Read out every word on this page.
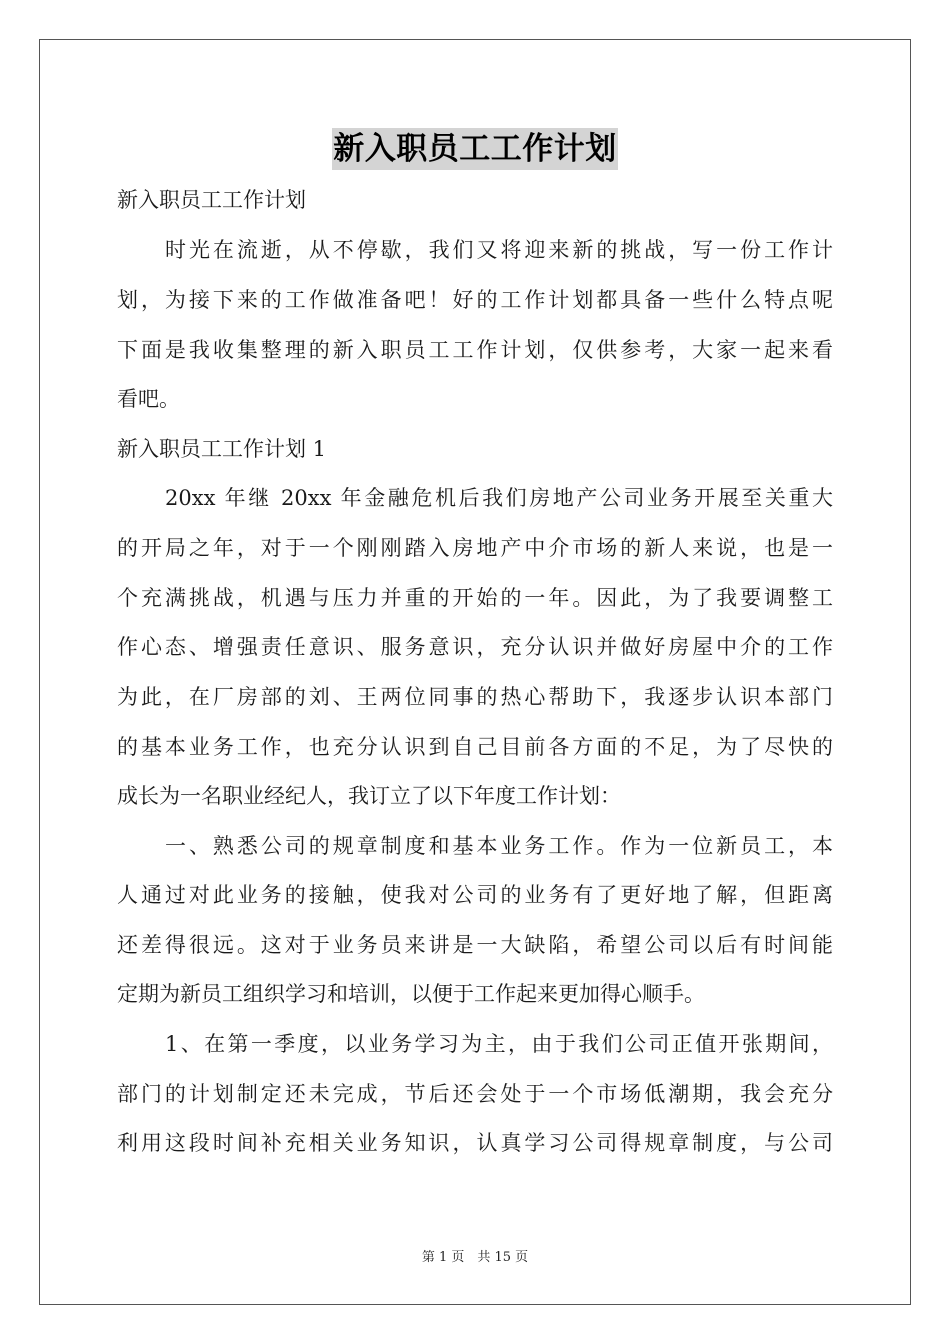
新入职员工工作计划
新入职员工工作计划
时光在流逝，从不停歇，我们又将迎来新的挑战，写一份工作计
划，为接下来的工作做准备吧！好的工作计划都具备一些什么特点呢
下面是我收集整理的新入职员工工作计划，仅供参考，大家一起来看
看吧。
新入职员工工作计划 1
20xx 年继 20xx 年金融危机后我们房地产公司业务开展至关重大
的开局之年，对于一个刚刚踏入房地产中介市场的新人来说，也是一
个充满挑战，机遇与压力并重的开始的一年。因此，为了我要调整工
作心态、增强责任意识、服务意识，充分认识并做好房屋中介的工作
为此，在厂房部的刘、王两位同事的热心帮助下，我逐步认识本部门
的基本业务工作，也充分认识到自己目前各方面的不足，为了尽快的
成长为一名职业经纪人，我订立了以下年度工作计划：
一、熟悉公司的规章制度和基本业务工作。作为一位新员工，本
人通过对此业务的接触，使我对公司的业务有了更好地了解，但距离
还差得很远。这对于业务员来讲是一大缺陷，希望公司以后有时间能
定期为新员工组织学习和培训，以便于工作起来更加得心顺手。
1、在第一季度，以业务学习为主，由于我们公司正值开张期间，
部门的计划制定还未完成，节后还会处于一个市场低潮期，我会充分
利用这段时间补充相关业务知识，认真学习公司得规章制度，与公司
第 1 页　共 15 页
